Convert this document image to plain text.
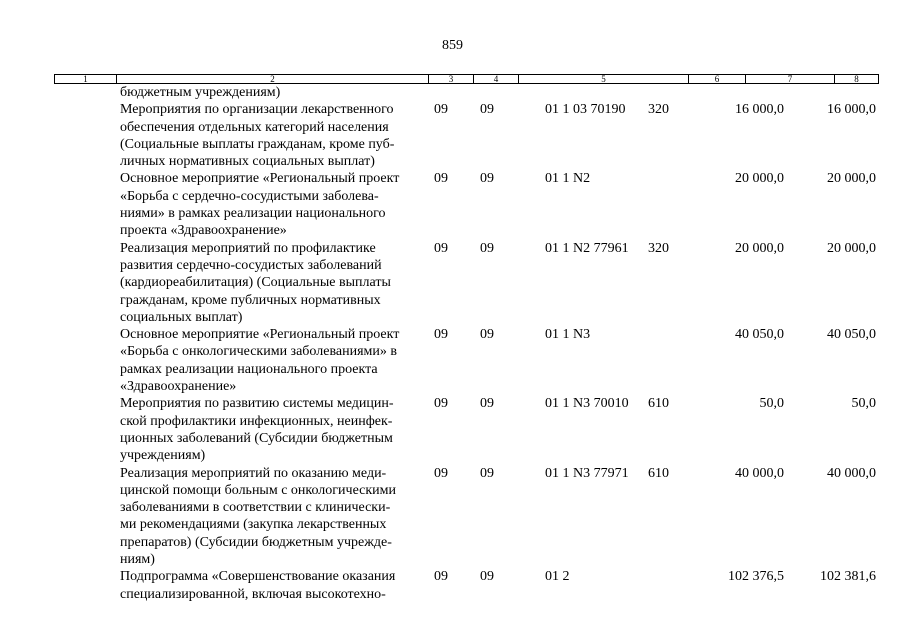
859
1	2	3	4	5	6	7	8
бюджетным учреждениям)
Мероприятия по организации лекарственного
обеспечения отдельных категорий населения
(Социальные выплаты гражданам, кроме пуб-
личных нормативных социальных выплат)
09 09	01 1 03 70190 320	16 000,0	16 000,0
Основное мероприятие «Региональный проект
«Борьба с сердечно-сосудистыми заболева-
ниями» в рамках реализации национального
проекта «Здравоохранение»
09 09	01 1 N2	20 000,0	20 000,0
Реализация мероприятий по профилактике
развития сердечно-сосудистых заболеваний
(кардиореабилитация) (Социальные выплаты
гражданам, кроме публичных нормативных
социальных выплат)
09 09	01 1 N2 77961 320	20 000,0	20 000,0
Основное мероприятие «Региональный проект
«Борьба с онкологическими заболеваниями» в
рамках реализации национального проекта
«Здравоохранение»
09 09	01 1 N3	40 050,0	40 050,0
Мероприятия по развитию системы медицин-
ской профилактики инфекционных, неинфек-
ционных заболеваний (Субсидии бюджетным
учреждениям)
09 09	01 1 N3 70010 610	50,0	50,0
Реализация мероприятий по оказанию меди-
цинской помощи больным с онкологическими
заболеваниями в соответствии с клинически-
ми рекомендациями (закупка лекарственных
препаратов) (Субсидии бюджетным учрежде-
ниям)
09 09	01 1 N3 77971 610	40 000,0	40 000,0
Подпрограмма «Совершенствование оказания
специализированной, включая высокотехно-
09 09	01 2	102 376,5	102 381,6
